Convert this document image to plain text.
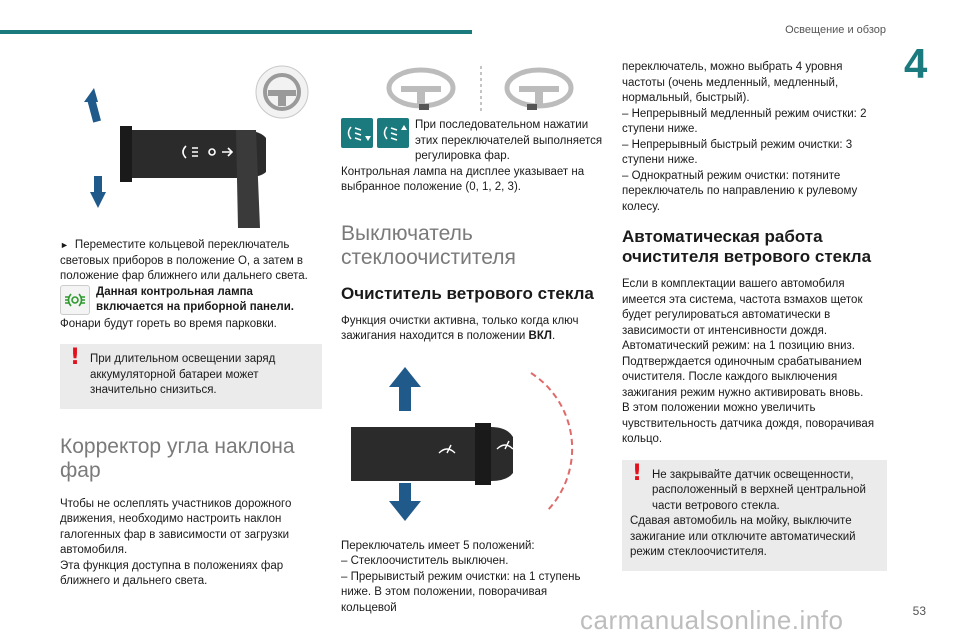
Освещение и обзор
4

► Переместите кольцевой переключатель световых приборов в положение O, а затем в положение фар ближнего или дальнего света.

Данная контрольная лампа включается на приборной панели.

Фонари будут гореть во время парковки.

! При длительном освещении заряд аккумуляторной батареи может значительно снизиться.

Корректор угла наклона фар

Чтобы не ослеплять участников дорожного движения, необходимо настроить наклон галогенных фар в зависимости от загрузки автомобиля.

Эта функция доступна в положениях фар ближнего и дальнего света.

При последовательном нажатии этих переключателей выполняется регулировка фар.

Контрольная лампа на дисплее указывает на выбранное положение (0, 1, 2, 3).

Выключатель стеклоочистителя
Очиститель ветрового стекла

Функция очистки активна, только когда ключ зажигания находится в положении ВКЛ.

Переключатель имеет 5 положений:

– Стеклоочиститель выключен.

– Прерывистый режим очистки: на 1 ступень ниже. В этом положении, поворачивая кольцевой

переключатель, можно выбрать 4 уровня частоты (очень медленный, медленный, нормальный, быстрый).

– Непрерывный медленный режим очистки: 2 ступени ниже.

– Непрерывный быстрый режим очистки: 3 ступени ниже.

– Однократный режим очистки: потяните переключатель по направлению к рулевому колесу.

Автоматическая работа очистителя ветрового стекла

Если в комплектации вашего автомобиля имеется эта система, частота взмахов щеток будет регулироваться автоматически в зависимости от интенсивности дождя.

Автоматический режим: на 1 позицию вниз.

Подтверждается одиночным срабатыванием очистителя. После каждого выключения зажигания режим нужно активировать вновь.

В этом положении можно увеличить чувствительность датчика дождя, поворачивая кольцо.

! Не закрывайте датчик освещенности, расположенный в верхней центральной части ветрового стекла.

Сдавая автомобиль на мойку, выключите зажигание или отключите автоматический режим стеклоочистителя.

carmanualsonline.info	53
